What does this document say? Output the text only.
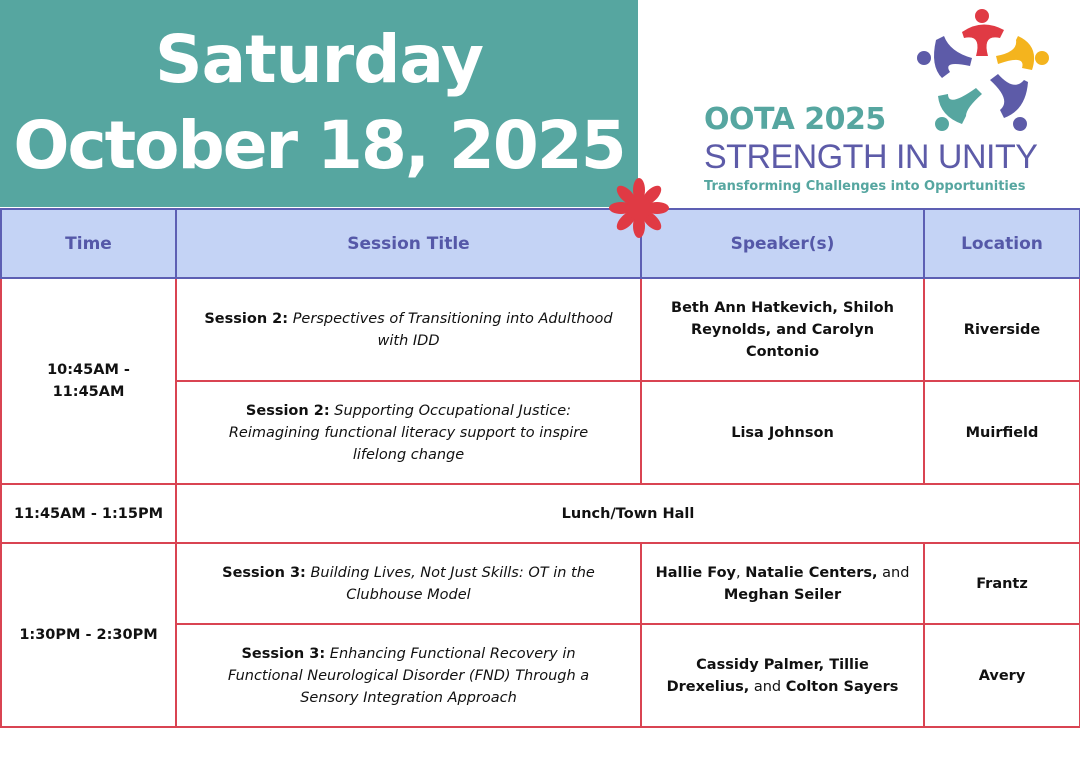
Saturday
October 18, 2025	OOTA 2025
STRENGTH IN UNITY
Transforming Challenges into Opportunities
Time	Session Title	Speaker(s)	Location
10:45AM - 11:45AM	Session 2: Perspectives of Transitioning into Adulthood with IDD	Beth Ann Hatkevich, Shiloh Reynolds, and Carolyn Contonio	Riverside
	Session 2: Supporting Occupational Justice: Reimagining functional literacy support to inspire lifelong change	Lisa Johnson	Muirfield
11:45AM - 1:15PM	Lunch/Town Hall		
1:30PM - 2:30PM	Session 3: Building Lives, Not Just Skills: OT in the Clubhouse Model	Hallie Foy, Natalie Centers, and Meghan Seiler	Frantz
	Session 3: Enhancing Functional Recovery in Functional Neurological Disorder (FND) Through a Sensory Integration Approach	Cassidy Palmer, Tillie Drexelius, and Colton Sayers	Avery
